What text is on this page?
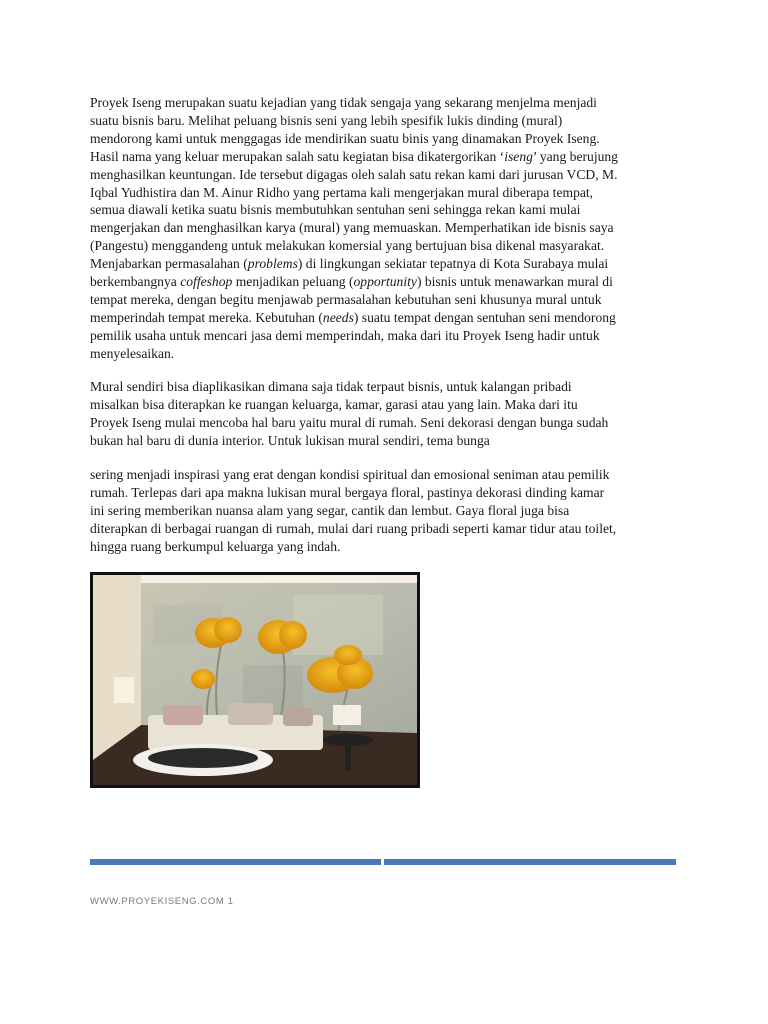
Proyek Iseng merupakan suatu kejadian yang tidak sengaja yang sekarang menjelma menjadi
suatu bisnis baru. Melihat peluang bisnis seni yang lebih spesifik lukis dinding (mural)
mendorong kami untuk menggagas ide mendirikan suatu binis yang dinamakan Proyek Iseng.
Hasil nama yang keluar merupakan salah satu kegiatan bisa dikatergorikan ‘iseng’ yang berujung
menghasilkan keuntungan. Ide tersebut digagas oleh salah satu rekan kami dari jurusan VCD, M.
Iqbal Yudhistira dan M. Ainur Ridho yang pertama kali mengerjakan mural diberapa tempat,
semua diawali ketika suatu bisnis membutuhkan sentuhan seni sehingga rekan kami mulai
mengerjakan dan menghasilkan karya (mural) yang memuaskan. Memperhatikan ide bisnis saya
(Pangestu) menggandeng untuk melakukan komersial yang bertujuan bisa dikenal masyarakat.
Menjabarkan permasalahan (problems) di lingkungan sekiatar tepatnya di Kota Surabaya mulai
berkembangnya coffeshop menjadikan peluang (opportunity) bisnis untuk menawarkan mural di
tempat mereka, dengan begitu menjawab permasalahan kebutuhan seni khusunya mural untuk
memperindah tempat mereka. Kebutuhan (needs) suatu tempat dengan sentuhan seni mendorong
pemilik usaha untuk mencari jasa demi memperindah, maka dari itu Proyek Iseng hadir untuk
menyelesaikan.
Mural sendiri bisa diaplikasikan dimana saja tidak terpaut bisnis, untuk kalangan pribadi
misalkan bisa diterapkan ke ruangan keluarga, kamar, garasi atau yang lain. Maka dari itu
Proyek Iseng mulai mencoba hal baru yaitu mural di rumah. Seni dekorasi dengan bunga sudah
bukan hal baru di dunia interior. Untuk lukisan mural sendiri, tema bunga
sering menjadi inspirasi yang erat dengan kondisi spiritual dan emosional seniman atau pemilik
rumah. Terlepas dari apa makna lukisan mural bergaya floral, pastinya dekorasi dinding kamar
ini sering memberikan nuansa alam yang segar, cantik dan lembut. Gaya floral juga bisa
diterapkan di berbagai ruangan di rumah, mulai dari ruang pribadi seperti kamar tidur atau toilet,
hingga ruang berkumpul keluarga yang indah.
WWW.PROYEKISENG.COM 1
